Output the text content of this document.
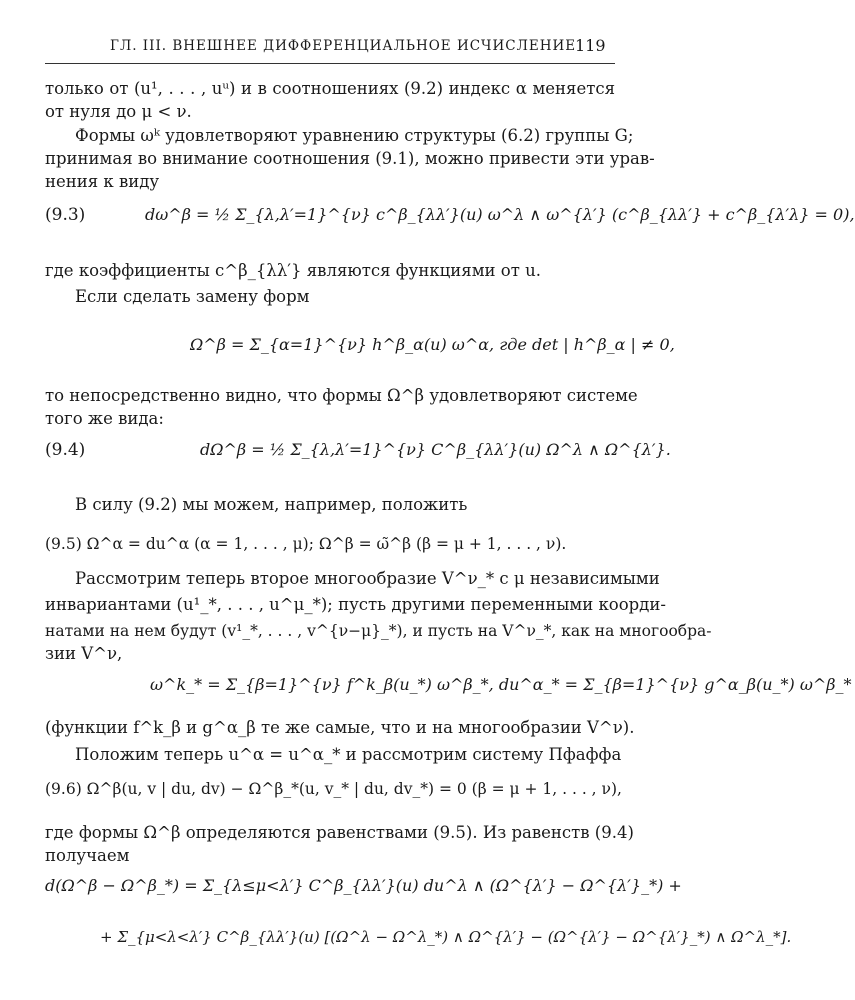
ГЛ. III. ВНЕШНЕЕ ДИФФЕРЕНЦИАЛЬНОЕ ИСЧИСЛЕНИЕ
119
только от (u¹, . . . , uᵘ) и в соотношениях (9.2) индекс α меняется
от нуля до μ < ν.
Формы ωᵏ удовлетворяют уравнению структуры (6.2) группы G;
принимая во внимание соотношения (9.1), можно привести эти урав-
нения к виду
(9.3)	dω^β = ½ Σ_{λ,λ′=1}^{ν} c^β_{λλ′}(u) ω^λ ∧ ω^{λ′} (c^β_{λλ′} + c^β_{λ′λ} = 0),
где коэффициенты c^β_{λλ′} являются функциями от u.
Если сделать замену форм
Ω^β = Σ_{α=1}^{ν} h^β_α(u) ω^α, где det | h^β_α | ≠ 0,
то непосредственно видно, что формы Ω^β удовлетворяют системе
того же вида:
(9.4)	dΩ^β = ½ Σ_{λ,λ′=1}^{ν} C^β_{λλ′}(u) Ω^λ ∧ Ω^{λ′}.
В силу (9.2) мы можем, например, положить
(9.5) Ω^α = du^α (α = 1, . . . , μ); Ω^β = ω̃^β (β = μ + 1, . . . , ν).
Рассмотрим теперь второе многообразие V^ν_* с μ независимыми
инвариантами (u¹_*, . . . , u^μ_*); пусть другими переменными коорди-
натами на нем будут (v¹_*, . . . , v^{ν−μ}_*), и пусть на V^ν_*, как на многообра-
зии V^ν,
ω^k_* = Σ_{β=1}^{ν} f^k_β(u_*) ω^β_*, du^α_* = Σ_{β=1}^{ν} g^α_β(u_*) ω^β_*
(функции f^k_β и g^α_β те же самые, что и на многообразии V^ν).
Положим теперь u^α = u^α_* и рассмотрим систему Пфаффа
(9.6) Ω^β(u, v | du, dv) − Ω^β_*(u, v_* | du, dv_*) = 0 (β = μ + 1, . . . , ν),
где формы Ω^β определяются равенствами (9.5). Из равенств (9.4)
получаем
d(Ω^β − Ω^β_*) = Σ_{λ≤μ<λ′} C^β_{λλ′}(u) du^λ ∧ (Ω^{λ′} − Ω^{λ′}_*) +
+ Σ_{μ<λ<λ′} C^β_{λλ′}(u) [(Ω^λ − Ω^λ_*) ∧ Ω^{λ′} − (Ω^{λ′} − Ω^{λ′}_*) ∧ Ω^λ_*].
